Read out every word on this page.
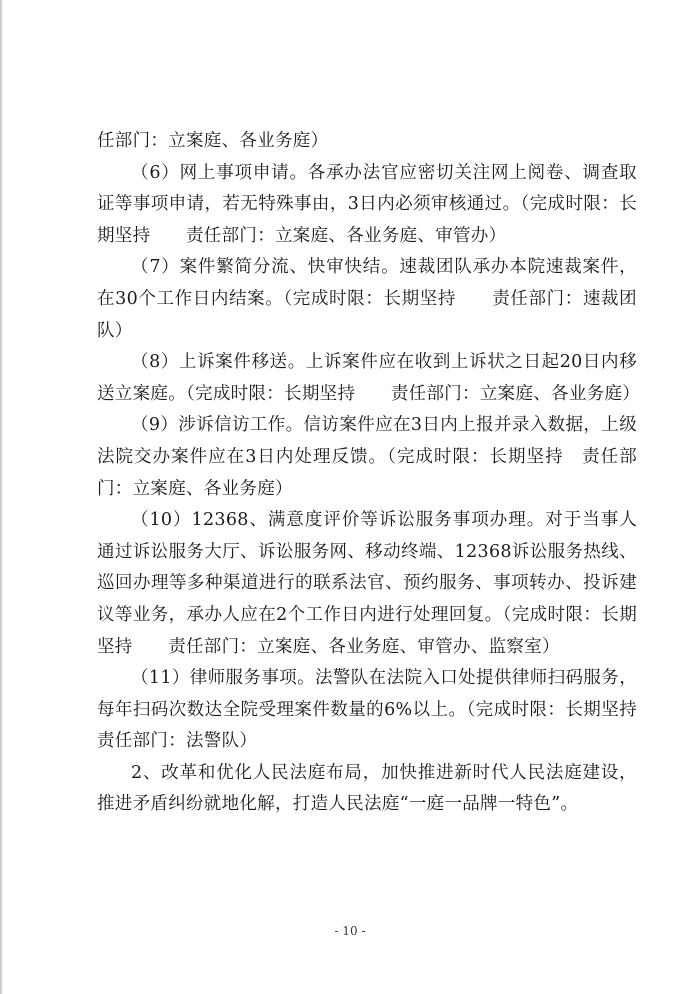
任部门：立案庭、各业务庭）

（6）网上事项申请。各承办法官应密切关注网上阅卷、调查取证等事项申请，若无特殊事由，3日内必须审核通过。（完成时限：长期坚持　　责任部门：立案庭、各业务庭、审管办）

（7）案件繁简分流、快审快结。速裁团队承办本院速裁案件，在30个工作日内结案。（完成时限：长期坚持　　责任部门：速裁团队）

（8）上诉案件移送。上诉案件应在收到上诉状之日起20日内移送立案庭。（完成时限：长期坚持　　责任部门：立案庭、各业务庭）

（9）涉诉信访工作。信访案件应在3日内上报并录入数据，上级法院交办案件应在3日内处理反馈。（完成时限：长期坚持　责任部门：立案庭、各业务庭）

（10）12368、满意度评价等诉讼服务事项办理。对于当事人通过诉讼服务大厅、诉讼服务网、移动终端、12368诉讼服务热线、巡回办理等多种渠道进行的联系法官、预约服务、事项转办、投诉建议等业务，承办人应在2个工作日内进行处理回复。（完成时限：长期坚持　　责任部门：立案庭、各业务庭、审管办、监察室）

（11）律师服务事项。法警队在法院入口处提供律师扫码服务，每年扫码次数达全院受理案件数量的6%以上。（完成时限：长期坚持　　责任部门：法警队）

2、改革和优化人民法庭布局，加快推进新时代人民法庭建设，推进矛盾纠纷就地化解，打造人民法庭“一庭一品牌一特色”。

- 10 -
